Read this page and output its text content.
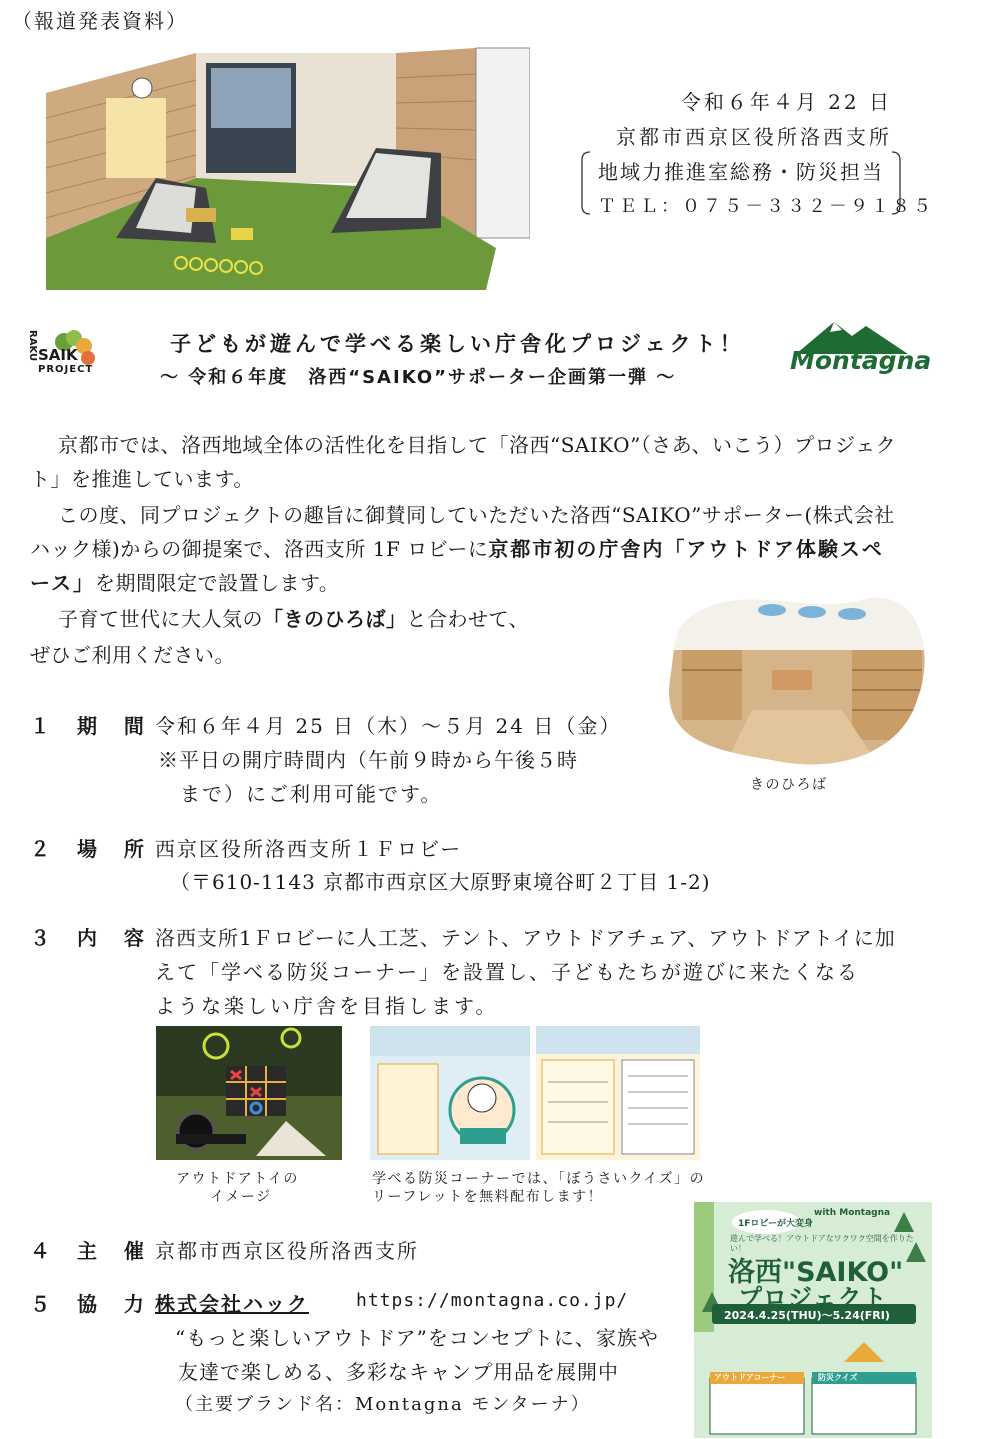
（報道発表資料）
令和６年４月 22 日
京都市西京区役所洛西支所
地域力推進室総務・防災担当
ＴＥＬ：０７５－３３２－９１８５
RAKU SAIK
PROJECT
子どもが遊んで学べる楽しい庁舎化プロジェクト！
～ 令和６年度　洛西“SAIKO”サポーター企画第一弾 ～
Montagna
京都市では、洛西地域全体の活性化を目指して「洛西“SAIKO”（さあ、いこう）プロジェクト」を推進しています。
この度、同プロジェクトの趣旨に御賛同していただいた洛西“SAIKO”サポーター(株式会社ハック様)からの御提案で、洛西支所 1F ロビーに京都市初の庁舎内「アウトドア体験スペース」を期間限定で設置します。
子育て世代に大人気の「きのひろば」と合わせて、
ぜひご利用ください。
きのひろば
１ 期 間 令和６年４月 25 日（木）～５月 24 日（金）
※平日の開庁時間内（午前９時から午後５時
まで）にご利用可能です。
２ 場 所 西京区役所洛西支所１Ｆロビー
（〒610-1143 京都市西京区大原野東境谷町２丁目 1-2)
３ 内 容 洛西支所1Ｆロビーに人工芝、テント、アウトドアチェア、アウトドアトイに加
えて「学べる防災コーナー」を設置し、子どもたちが遊びに来たくなる
ような楽しい庁舎を目指します。
アウトドアトイの
イメージ
学べる防災コーナーでは、「ぼうさいクイズ」の
リーフレットを無料配布します！
４ 主 催 京都市西京区役所洛西支所
５ 協 力 株式会社ハック	https://montagna.co.jp/
“もっと楽しいアウトドア”をコンセプトに、家族や
友達で楽しめる、多彩なキャンプ用品を展開中
（主要ブランド名：Montagna モンターナ）
1Fロビーが大変身
with Montagna
遊んで学べる！アウトドアなワクワク空間を作りたい！
洛西"SAIKO"
プロジェクト
2024.4.25(THU)～5.24(FRI)
アウトドアコーナー	防災クイズ
